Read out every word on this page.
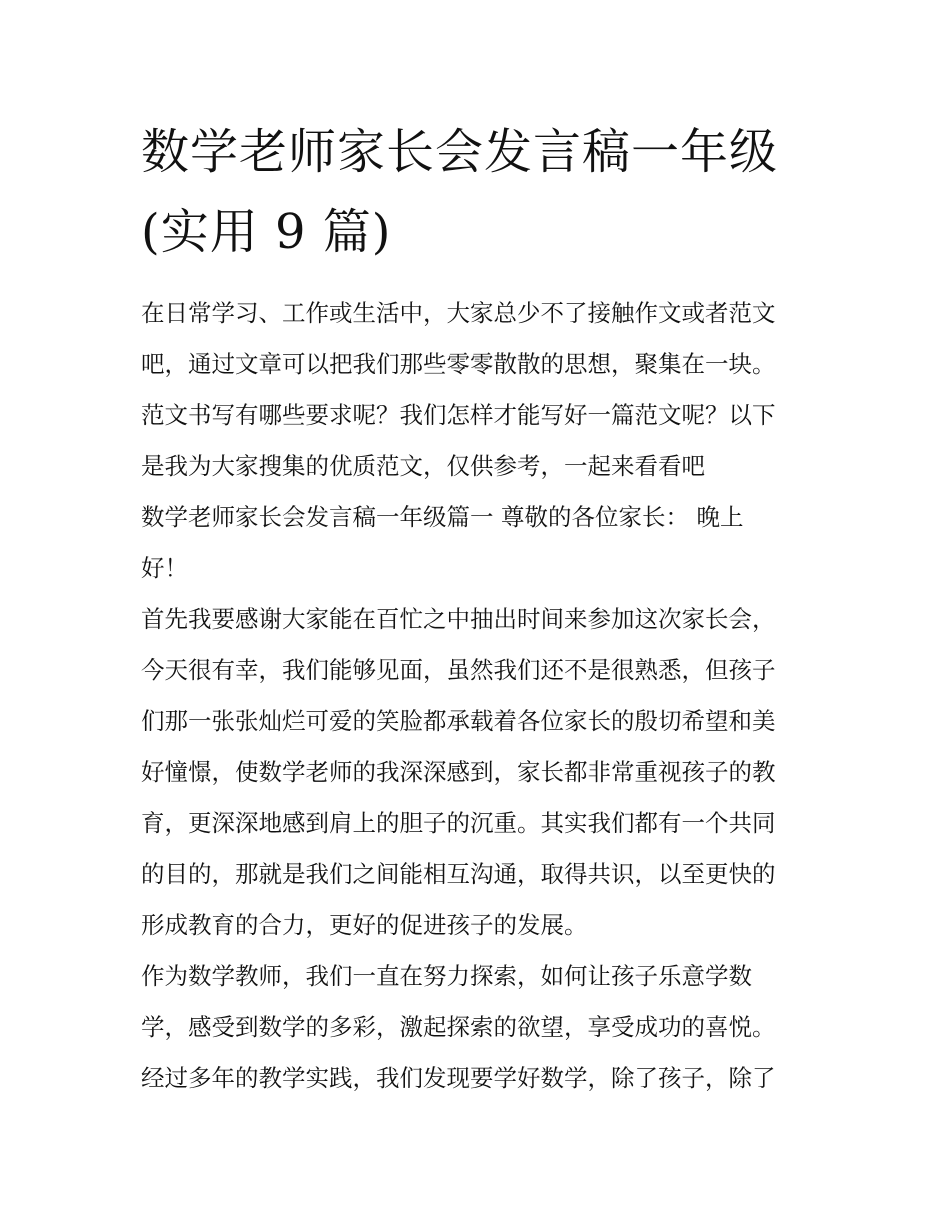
数学老师家长会发言稿一年级
(实用 9 篇)

在日常学习、工作或生活中，大家总少不了接触作文或者范文

吧，通过文章可以把我们那些零零散散的思想，聚集在一块。

范文书写有哪些要求呢？我们怎样才能写好一篇范文呢？以下

是我为大家搜集的优质范文，仅供参考，一起来看看吧

数学老师家长会发言稿一年级篇一 尊敬的各位家长： 晚上

好！

首先我要感谢大家能在百忙之中抽出时间来参加这次家长会，

今天很有幸，我们能够见面，虽然我们还不是很熟悉，但孩子

们那一张张灿烂可爱的笑脸都承载着各位家长的殷切希望和美

好憧憬，使数学老师的我深深感到，家长都非常重视孩子的教

育，更深深地感到肩上的胆子的沉重。其实我们都有一个共同

的目的，那就是我们之间能相互沟通，取得共识，以至更快的

形成教育的合力，更好的促进孩子的发展。

作为数学教师，我们一直在努力探索，如何让孩子乐意学数

学，感受到数学的多彩，激起探索的欲望，享受成功的喜悦。

经过多年的教学实践，我们发现要学好数学，除了孩子，除了
